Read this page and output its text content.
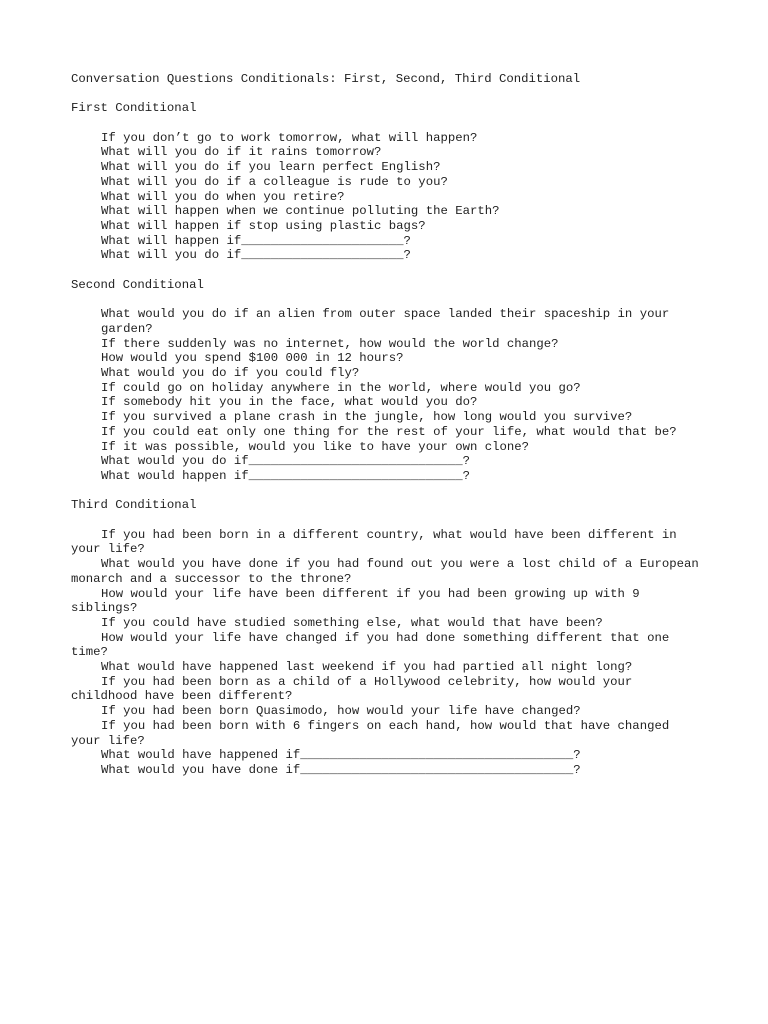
Conversation Questions Conditionals: First, Second, Third Conditional
First Conditional
If you don’t go to work tomorrow, what will happen?
What will you do if it rains tomorrow?
What will you do if you learn perfect English?
What will you do if a colleague is rude to you?
What will you do when you retire?
What will happen when we continue polluting the Earth?
What will happen if stop using plastic bags?
What will happen if______________________?
What will you do if______________________?
Second Conditional
What would you do if an alien from outer space landed their spaceship in your garden?
If there suddenly was no internet, how would the world change?
How would you spend $100 000 in 12 hours?
What would you do if you could fly?
If could go on holiday anywhere in the world, where would you go?
If somebody hit you in the face, what would you do?
If you survived a plane crash in the jungle, how long would you survive?
If you could eat only one thing for the rest of your life, what would that be?
If it was possible, would you like to have your own clone?
What would you do if_____________________________?
What would happen if_____________________________?
Third Conditional
If you had been born in a different country, what would have been different in your life?
What would you have done if you had found out you were a lost child of a European monarch and a successor to the throne?
How would your life have been different if you had been growing up with 9 siblings?
If you could have studied something else, what would that have been?
How would your life have changed if you had done something different that one time?
What would have happened last weekend if you had partied all night long?
If you had been born as a child of a Hollywood celebrity, how would your childhood have been different?
If you had been born Quasimodo, how would your life have changed?
If you had been born with 6 fingers on each hand, how would that have changed your life?
What would have happened if_____________________________________?
What would you have done if_____________________________________?
